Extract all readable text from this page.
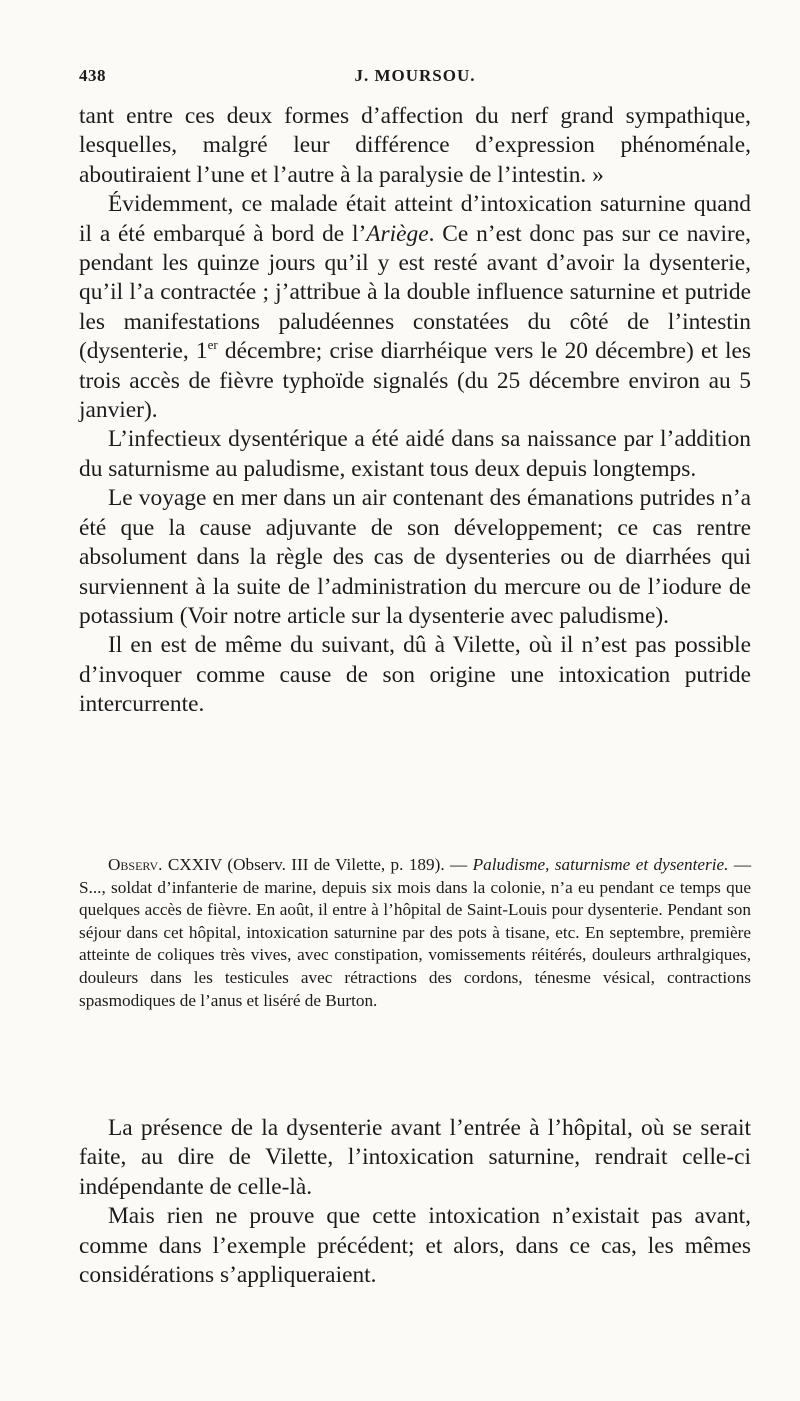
438	J. MOURSOU.

tant entre ces deux formes d’affection du nerf grand sympathique, lesquelles, malgré leur différence d’expression phénoménale, aboutiraient l’une et l’autre à la paralysie de l’intestin. »

Évidemment, ce malade était atteint d’intoxication saturnine quand il a été embarqué à bord de l’Ariège. Ce n’est donc pas sur ce navire, pendant les quinze jours qu’il y est resté avant d’avoir la dysenterie, qu’il l’a contractée ; j’attribue à la double influence saturnine et putride les manifestations paludéennes constatées du côté de l’intestin (dysenterie, 1er décembre; crise diarrhéique vers le 20 décembre) et les trois accès de fièvre typhoïde signalés (du 25 décembre environ au 5 janvier).

L’infectieux dysentérique a été aidé dans sa naissance par l’addition du saturnisme au paludisme, existant tous deux depuis longtemps.

Le voyage en mer dans un air contenant des émanations putrides n’a été que la cause adjuvante de son développement; ce cas rentre absolument dans la règle des cas de dysenteries ou de diarrhées qui surviennent à la suite de l’administration du mercure ou de l’iodure de potassium (Voir notre article sur la dysenterie avec paludisme).

Il en est de même du suivant, dû à Vilette, où il n’est pas possible d’invoquer comme cause de son origine une intoxication putride intercurrente.

Observ. CXXIV (Observ. III de Vilette, p. 189). — Paludisme, saturnisme et dysenterie. — S..., soldat d’infanterie de marine, depuis six mois dans la colonie, n’a eu pendant ce temps que quelques accès de fièvre. En août, il entre à l’hôpital de Saint-Louis pour dysenterie. Pendant son séjour dans cet hôpital, intoxication saturnine par des pots à tisane, etc. En septembre, première atteinte de coliques très vives, avec constipation, vomissements réitérés, douleurs arthralgiques, douleurs dans les testicules avec rétractions des cordons, ténesme vésical, contractions spasmodiques de l’anus et liséré de Burton.

La présence de la dysenterie avant l’entrée à l’hôpital, où se serait faite, au dire de Vilette, l’intoxication saturnine, rendrait celle-ci indépendante de celle-là.

Mais rien ne prouve que cette intoxication n’existait pas avant, comme dans l’exemple précédent; et alors, dans ce cas, les mêmes considérations s’appliqueraient.
